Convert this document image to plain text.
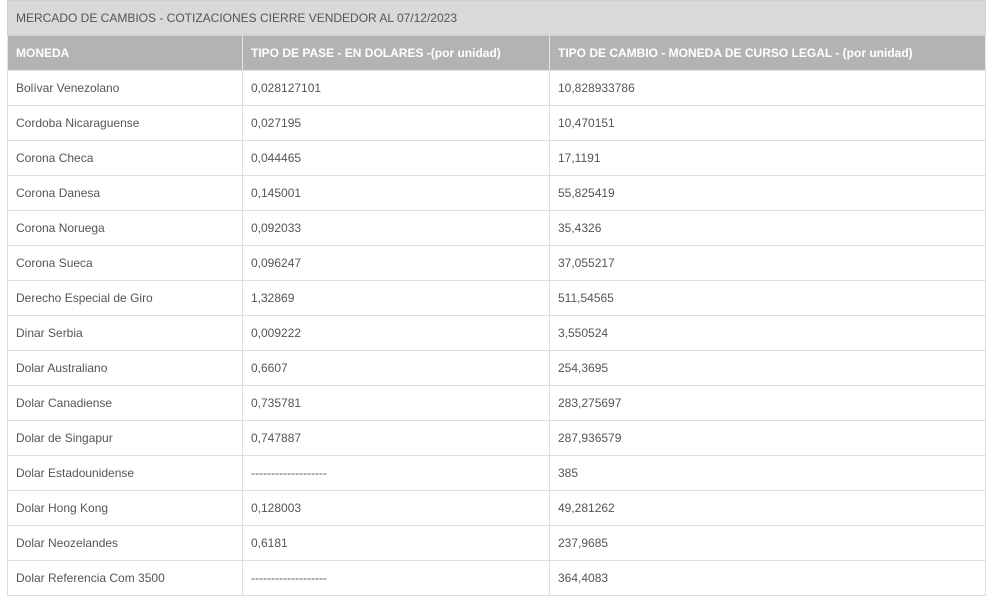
MERCADO DE CAMBIOS - COTIZACIONES CIERRE VENDEDOR AL 07/12/2023		
MONEDA	TIPO DE PASE - EN DOLARES -(por unidad)	TIPO DE CAMBIO - MONEDA DE CURSO LEGAL - (por unidad)
Bolívar Venezolano	0,028127101	10,828933786
Cordoba Nicaraguense	0,027195	10,470151
Corona Checa	0,044465	17,1191
Corona Danesa	0,145001	55,825419
Corona Noruega	0,092033	35,4326
Corona Sueca	0,096247	37,055217
Derecho Especial de Giro	1,32869	511,54565
Dinar Serbia	0,009222	3,550524
Dolar Australiano	0,6607	254,3695
Dolar Canadiense	0,735781	283,275697
Dolar de Singapur	0,747887	287,936579
Dolar Estadounidense	-------------------	385
Dolar Hong Kong	0,128003	49,281262
Dolar Neozelandes	0,6181	237,9685
Dolar Referencia Com 3500	-------------------	364,4083
